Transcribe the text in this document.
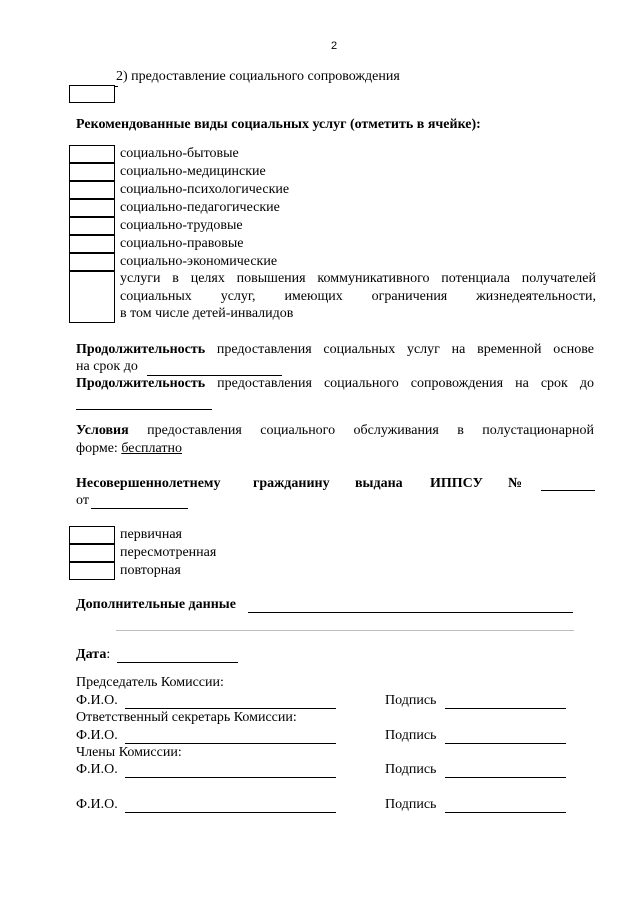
2
2) предоставление социального сопровождения
Рекомендованные виды социальных услуг (отметить в ячейке):
социально-бытовые
социально-медицинские
социально-психологические
социально-педагогические
социально-трудовые
социально-правовые
социально-экономические
услуги в целях повышения коммуникативного потенциала получателей
социальных услуг, имеющих ограничения жизнедеятельности,
в том числе детей-инвалидов
Продолжительность предоставления социальных услуг на временной основе
на срок до
Продолжительность предоставления социального сопровождения на срок до
Условия предоставления социального обслуживания в полустационарной
форме: бесплатно
Несовершеннолетнему гражданину выдана ИППСУ №
от
первичная
пересмотренная
повторная
Дополнительные данные
Дата:
Председатель Комиссии:
Ф.И.О.	Подпись
Ответственный секретарь Комиссии:
Ф.И.О.	Подпись
Члены Комиссии:
Ф.И.О.	Подпись
Ф.И.О.	Подпись
